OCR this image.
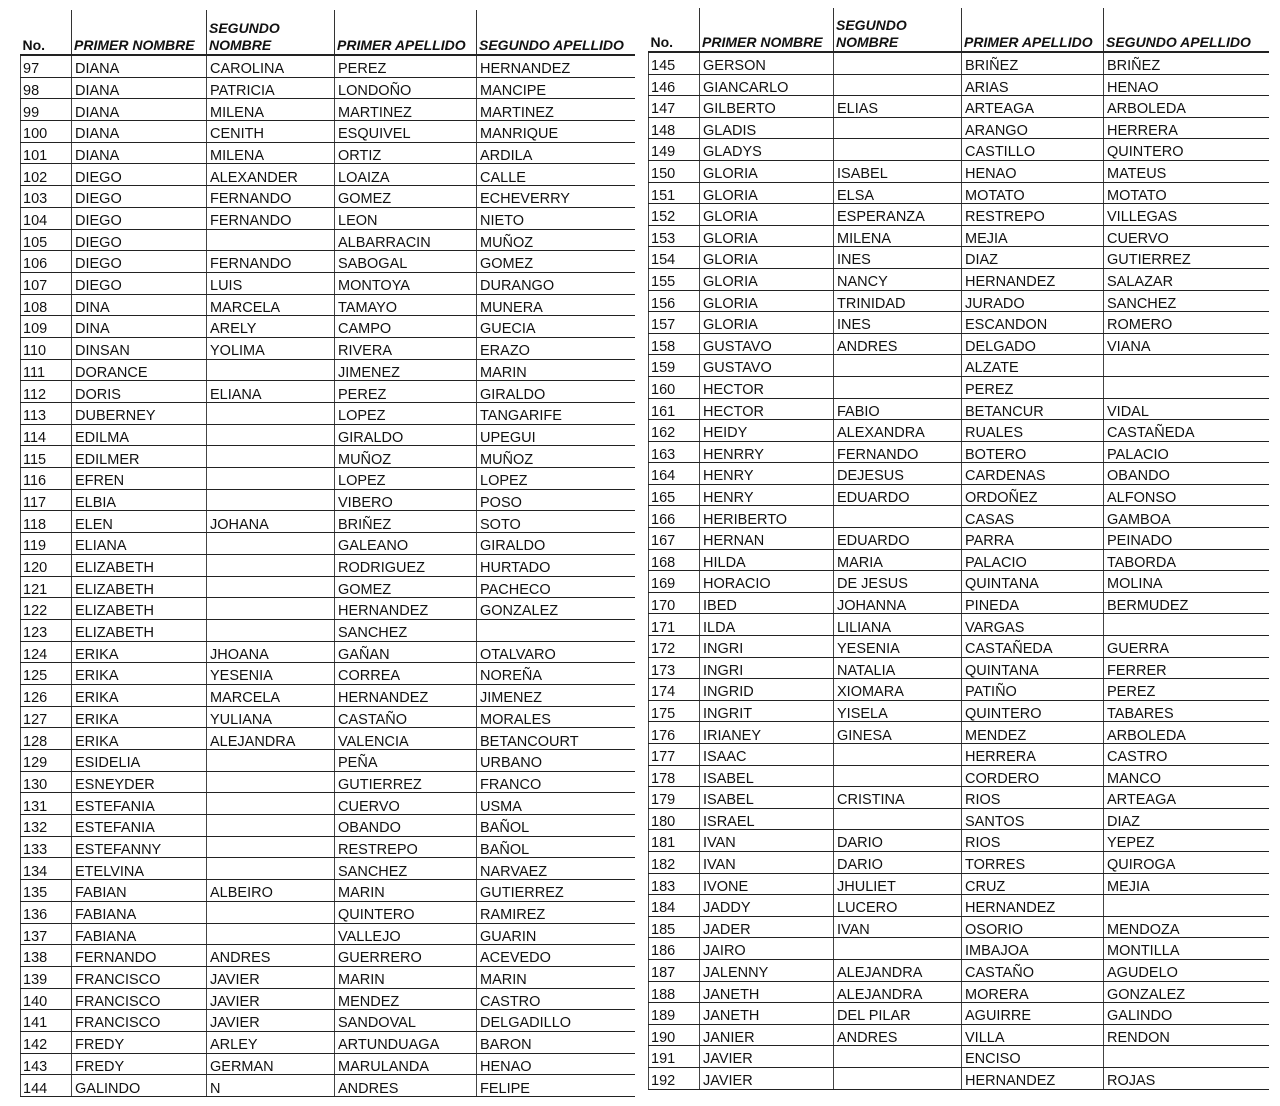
No.	PRIMER NOMBRE	SEGUNDO
NOMBRE	PRIMER APELLIDO	SEGUNDO APELLIDO
97	DIANA	CAROLINA	PEREZ	HERNANDEZ
98	DIANA	PATRICIA	LONDOÑO	MANCIPE
99	DIANA	MILENA	MARTINEZ	MARTINEZ
100	DIANA	CENITH	ESQUIVEL	MANRIQUE
101	DIANA	MILENA	ORTIZ	ARDILA
102	DIEGO	ALEXANDER	LOAIZA	CALLE
103	DIEGO	FERNANDO	GOMEZ	ECHEVERRY
104	DIEGO	FERNANDO	LEON	NIETO
105	DIEGO		ALBARRACIN	MUÑOZ
106	DIEGO	FERNANDO	SABOGAL	GOMEZ
107	DIEGO	LUIS	MONTOYA	DURANGO
108	DINA	MARCELA	TAMAYO	MUNERA
109	DINA	ARELY	CAMPO	GUECIA
110	DINSAN	YOLIMA	RIVERA	ERAZO
111	DORANCE		JIMENEZ	MARIN
112	DORIS	ELIANA	PEREZ	GIRALDO
113	DUBERNEY		LOPEZ	TANGARIFE
114	EDILMA		GIRALDO	UPEGUI
115	EDILMER		MUÑOZ	MUÑOZ
116	EFREN		LOPEZ	LOPEZ
117	ELBIA		VIBERO	POSO
118	ELEN	JOHANA	BRIÑEZ	SOTO
119	ELIANA		GALEANO	GIRALDO
120	ELIZABETH		RODRIGUEZ	HURTADO
121	ELIZABETH		GOMEZ	PACHECO
122	ELIZABETH		HERNANDEZ	GONZALEZ
123	ELIZABETH		SANCHEZ	
124	ERIKA	JHOANA	GAÑAN	OTALVARO
125	ERIKA	YESENIA	CORREA	NOREÑA
126	ERIKA	MARCELA	HERNANDEZ	JIMENEZ
127	ERIKA	YULIANA	CASTAÑO	MORALES
128	ERIKA	ALEJANDRA	VALENCIA	BETANCOURT
129	ESIDELIA		PEÑA	URBANO
130	ESNEYDER		GUTIERREZ	FRANCO
131	ESTEFANIA		CUERVO	USMA
132	ESTEFANIA		OBANDO	BAÑOL
133	ESTEFANNY		RESTREPO	BAÑOL
134	ETELVINA		SANCHEZ	NARVAEZ
135	FABIAN	ALBEIRO	MARIN	GUTIERREZ
136	FABIANA		QUINTERO	RAMIREZ
137	FABIANA		VALLEJO	GUARIN
138	FERNANDO	ANDRES	GUERRERO	ACEVEDO
139	FRANCISCO	JAVIER	MARIN	MARIN
140	FRANCISCO	JAVIER	MENDEZ	CASTRO
141	FRANCISCO	JAVIER	SANDOVAL	DELGADILLO
142	FREDY	ARLEY	ARTUNDUAGA	BARON
143	FREDY	GERMAN	MARULANDA	HENAO
144	GALINDO	N	ANDRES	FELIPE
No.	PRIMER NOMBRE	SEGUNDO
NOMBRE	PRIMER APELLIDO	SEGUNDO APELLIDO
145	GERSON		BRIÑEZ	BRIÑEZ
146	GIANCARLO		ARIAS	HENAO
147	GILBERTO	ELIAS	ARTEAGA	ARBOLEDA
148	GLADIS		ARANGO	HERRERA
149	GLADYS		CASTILLO	QUINTERO
150	GLORIA	ISABEL	HENAO	MATEUS
151	GLORIA	ELSA	MOTATO	MOTATO
152	GLORIA	ESPERANZA	RESTREPO	VILLEGAS
153	GLORIA	MILENA	MEJIA	CUERVO
154	GLORIA	INES	DIAZ	GUTIERREZ
155	GLORIA	NANCY	HERNANDEZ	SALAZAR
156	GLORIA	TRINIDAD	JURADO	SANCHEZ
157	GLORIA	INES	ESCANDON	ROMERO
158	GUSTAVO	ANDRES	DELGADO	VIANA
159	GUSTAVO		ALZATE	
160	HECTOR		PEREZ	
161	HECTOR	FABIO	BETANCUR	VIDAL
162	HEIDY	ALEXANDRA	RUALES	CASTAÑEDA
163	HENRRY	FERNANDO	BOTERO	PALACIO
164	HENRY	DEJESUS	CARDENAS	OBANDO
165	HENRY	EDUARDO	ORDOÑEZ	ALFONSO
166	HERIBERTO		CASAS	GAMBOA
167	HERNAN	EDUARDO	PARRA	PEINADO
168	HILDA	MARIA	PALACIO	TABORDA
169	HORACIO	DE JESUS	QUINTANA	MOLINA
170	IBED	JOHANNA	PINEDA	BERMUDEZ
171	ILDA	LILIANA	VARGAS	
172	INGRI	YESENIA	CASTAÑEDA	GUERRA
173	INGRI	NATALIA	QUINTANA	FERRER
174	INGRID	XIOMARA	PATIÑO	PEREZ
175	INGRIT	YISELA	QUINTERO	TABARES
176	IRIANEY	GINESA	MENDEZ	ARBOLEDA
177	ISAAC		HERRERA	CASTRO
178	ISABEL		CORDERO	MANCO
179	ISABEL	CRISTINA	RIOS	ARTEAGA
180	ISRAEL		SANTOS	DIAZ
181	IVAN	DARIO	RIOS	YEPEZ
182	IVAN	DARIO	TORRES	QUIROGA
183	IVONE	JHULIET	CRUZ	MEJIA
184	JADDY	LUCERO	HERNANDEZ	
185	JADER	IVAN	OSORIO	MENDOZA
186	JAIRO		IMBAJOA	MONTILLA
187	JALENNY	ALEJANDRA	CASTAÑO	AGUDELO
188	JANETH	ALEJANDRA	MORERA	GONZALEZ
189	JANETH	DEL PILAR	AGUIRRE	GALINDO
190	JANIER	ANDRES	VILLA	RENDON
191	JAVIER		ENCISO	
192	JAVIER		HERNANDEZ	ROJAS
